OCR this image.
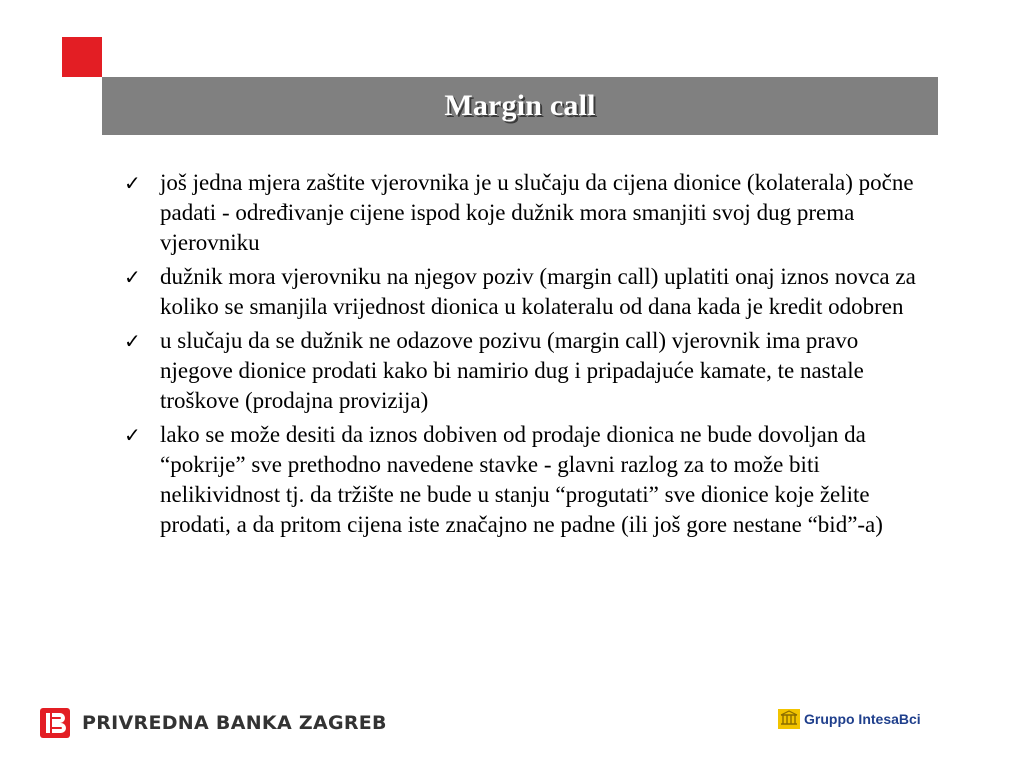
Margin call
✓ još jedna mjera zaštite vjerovnika je u slučaju da cijena dionice (kolaterala) počne padati - određivanje cijene ispod koje dužnik mora smanjiti svoj dug prema vjerovniku
✓ dužnik mora vjerovniku na njegov poziv (margin call) uplatiti onaj iznos novca za koliko se smanjila vrijednost dionica u kolateralu od dana kada je kredit odobren
✓ u slučaju da se dužnik ne odazove pozivu (margin call) vjerovnik ima pravo njegove dionice prodati kako bi namirio dug i pripadajuće kamate, te nastale troškove (prodajna provizija)
✓ lako se može desiti da iznos dobiven od prodaje dionica ne bude dovoljan da “pokrije” sve prethodno navedene stavke - glavni razlog za to može biti nelikividnost tj. da tržište ne bude u stanju “progutati” sve dionice koje želite prodati, a da pritom cijena iste značajno ne padne (ili još gore nestane “bid”-a)
PRIVREDNA BANKA ZAGREB	Gruppo IntesaBci
